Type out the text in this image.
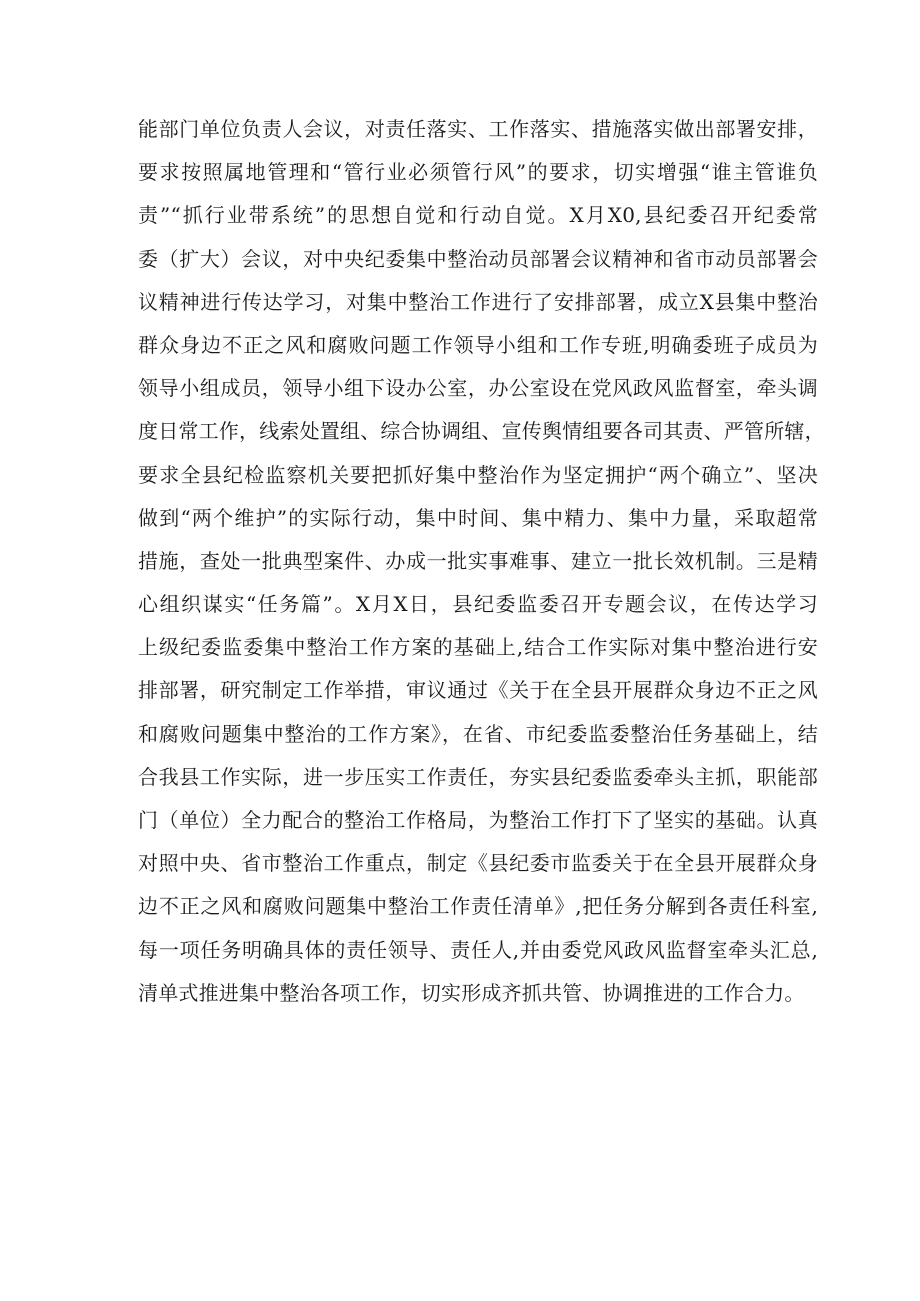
能部门单位负责人会议，对责任落实、工作落实、措施落实做出部署安排，
要求按照属地管理和“管行业必须管行风”的要求，切实增强“谁主管谁负
责”“抓行业带系统”的思想自觉和行动自觉。X月X0,县纪委召开纪委常
委（扩大）会议，对中央纪委集中整治动员部署会议精神和省市动员部署会
议精神进行传达学习，对集中整治工作进行了安排部署，成立X县集中整治
群众身边不正之风和腐败问题工作领导小组和工作专班,明确委班子成员为
领导小组成员，领导小组下设办公室，办公室设在党风政风监督室，牵头调
度日常工作，线索处置组、综合协调组、宣传舆情组要各司其责、严管所辖，
要求全县纪检监察机关要把抓好集中整治作为坚定拥护“两个确立”、坚决
做到“两个维护”的实际行动，集中时间、集中精力、集中力量，采取超常
措施，查处一批典型案件、办成一批实事难事、建立一批长效机制。三是精
心组织谋实“任务篇”。X月X日，县纪委监委召开专题会议，在传达学习
上级纪委监委集中整治工作方案的基础上,结合工作实际对集中整治进行安
排部署，研究制定工作举措，审议通过《关于在全县开展群众身边不正之风
和腐败问题集中整治的工作方案》，在省、市纪委监委整治任务基础上，结
合我县工作实际，进一步压实工作责任，夯实县纪委监委牵头主抓，职能部
门（单位）全力配合的整治工作格局，为整治工作打下了坚实的基础。认真
对照中央、省市整治工作重点，制定《县纪委市监委关于在全县开展群众身
边不正之风和腐败问题集中整治工作责任清单》,把任务分解到各责任科室,
每一项任务明确具体的责任领导、责任人,并由委党风政风监督室牵头汇总,
清单式推进集中整治各项工作，切实形成齐抓共管、协调推进的工作合力。
